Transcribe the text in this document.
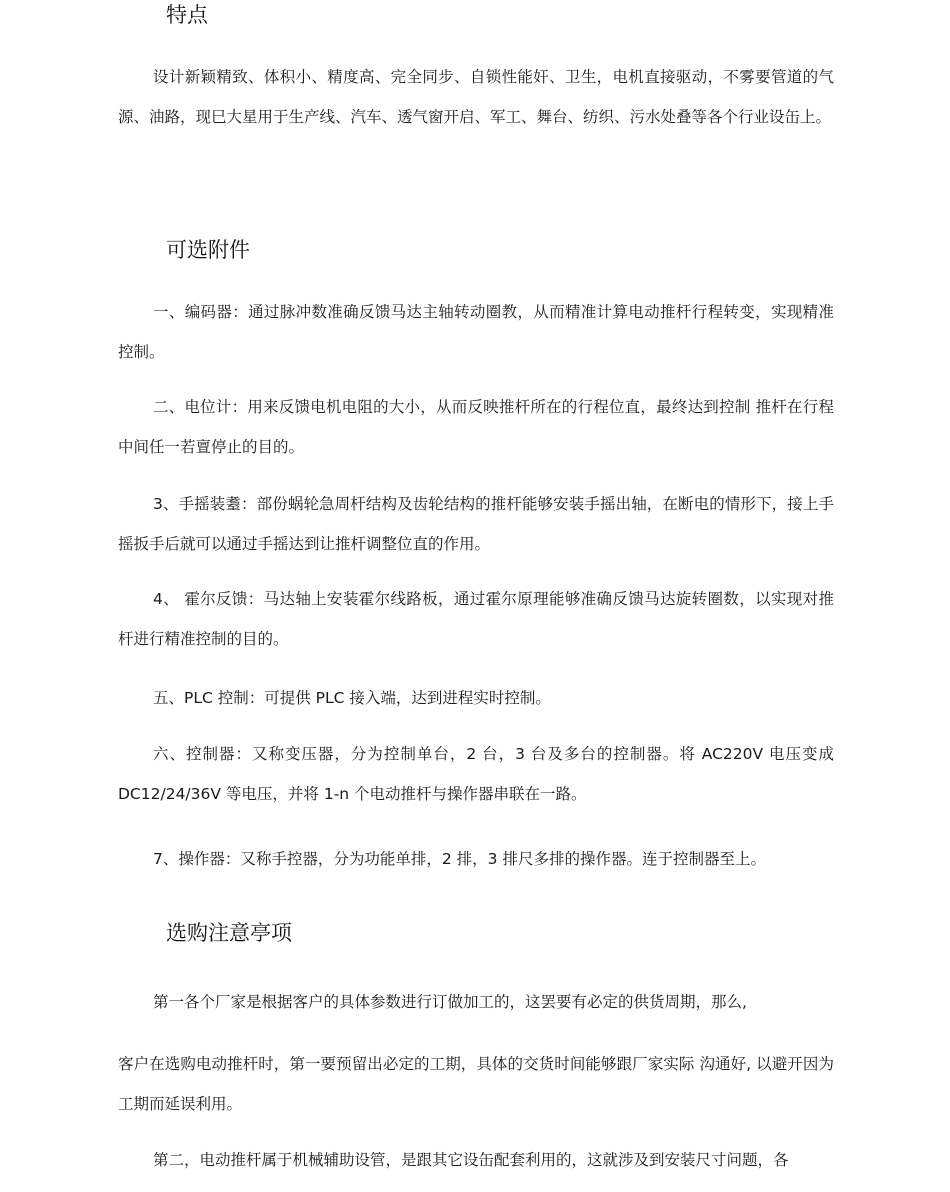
特点

设计新颖精致、体积小、精度高、完全同步、自锁性能奸、卫生，电机直接驱动，不雾要管道的气源、油路，现巳大星用于生产线、汽车、透气窗开启、军工、舞台、纺织、污水处叠等各个行业设缶上。

可选附件

一、编码器：通过脉冲数准确反馈马达主轴转动圈教，从而精准计算电动推杆行程转变，实现精准控制。

二、电位计：用来反馈电机电阻的大小，从而反映推杆所在的行程位直，最终达到控制 推杆在行程中间任一若亶停止的目的。

3、手摇装耋：部份蜗轮急周杆结构及齿轮结构的推杆能够安装手摇出轴，在断电的情形下，接上手摇扳手后就可以通过手摇达到让推杆调整位直的作用。

4、 霍尔反馈：马达轴上安装霍尔线路板，通过霍尔原理能够准确反馈马达旋转圈数，以实现对推杆进行精准控制的目的。

五、PLC 控制：可提供 PLC 接入端，达到进程实时控制。

六、控制器：又称变压器，分为控制单台，2 台，3 台及多台的控制器。将 AC220V 电压变成 DC12/24/36V 等电压，并将 1-n 个电动推杆与操作器串联在一路。

7、操作器：又称手控器，分为功能单排，2 排，3 排尺多排的操作器。连于控制器至上。

选购注意亭项

第一各个厂家是根据客户的具体参数进行订做加工的，这罢要有必定的供货周期，那么,

客户在选购电动推杆时，第一要预留出必定的工期，具体的交货时间能够跟厂家实际 沟通好, 以避开因为工期而延误利用。

第二，电动推杆属于机械辅助设管，是跟其它设缶配套利用的，这就涉及到安装尺寸问题，各
